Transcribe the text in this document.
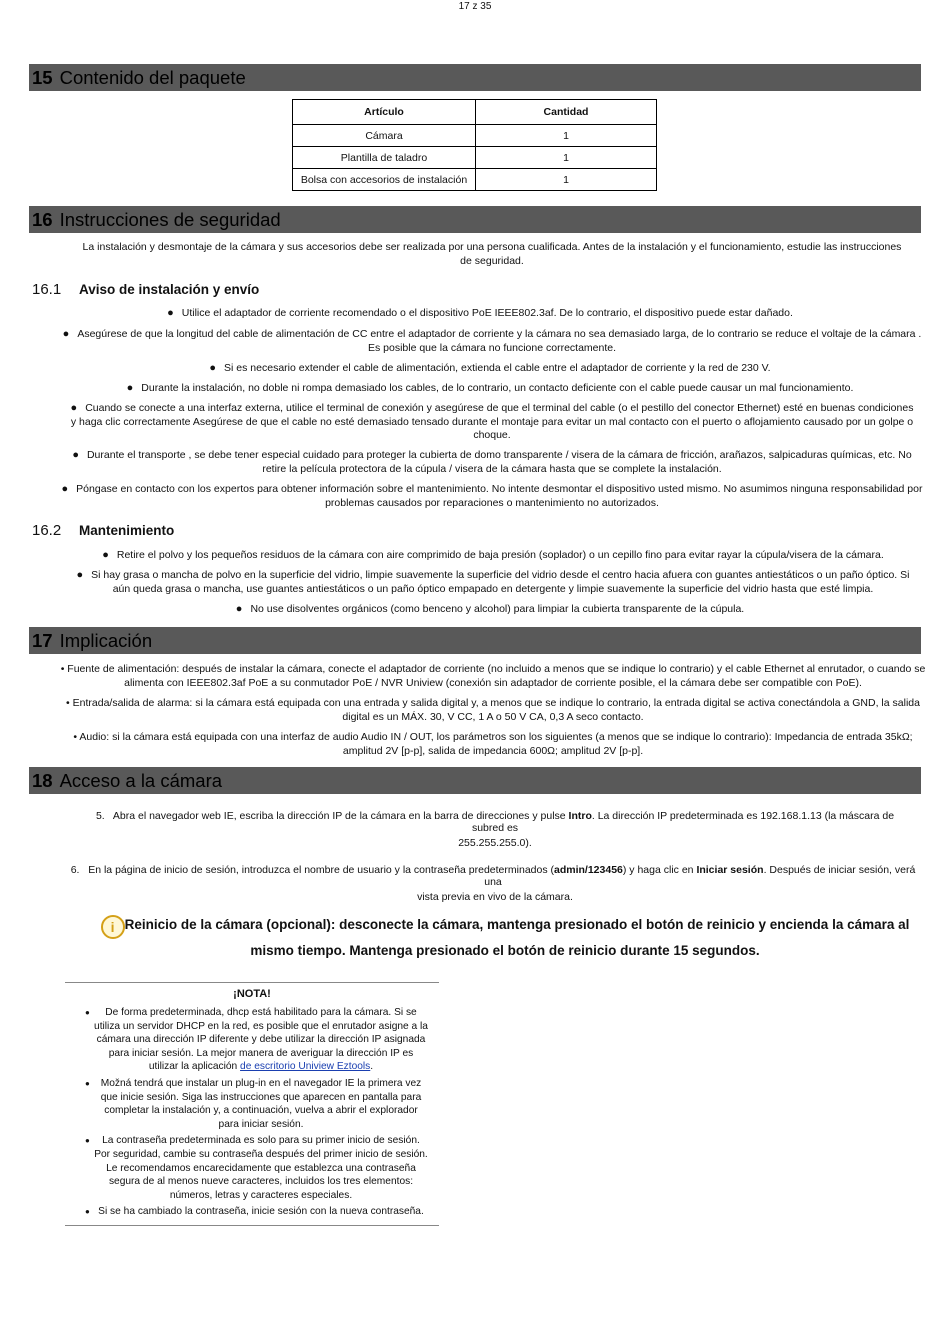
17 z 35
15 Contenido del paquete
Artículo	Cantidad
Cámara	1
Plantilla de taladro	1
Bolsa con accesorios de instalación	1
16 Instrucciones de seguridad
La instalación y desmontaje de la cámara y sus accesorios debe ser realizada por una persona cualificada. Antes de la instalación y el funcionamiento, estudie las instrucciones de seguridad.
16.1 Aviso de instalación y envío
● Utilice el adaptador de corriente recomendado o el dispositivo PoE IEEE802.3af. De lo contrario, el dispositivo puede estar dañado.
● Asegúrese de que la longitud del cable de alimentación de CC entre el adaptador de corriente y la cámara no sea demasiado larga, de lo contrario se reduce el voltaje de la cámara . Es posible que la cámara no funcione correctamente.
● Si es necesario extender el cable de alimentación, extienda el cable entre el adaptador de corriente y la red de 230 V.
● Durante la instalación, no doble ni rompa demasiado los cables, de lo contrario, un contacto deficiente con el cable puede causar un mal funcionamiento.
● Cuando se conecte a una interfaz externa, utilice el terminal de conexión y asegúrese de que el terminal del cable (o el pestillo del conector Ethernet) esté en buenas condiciones y haga clic correctamente Asegúrese de que el cable no esté demasiado tensado durante el montaje para evitar un mal contacto con el puerto o aflojamiento causado por un golpe o choque.
● Durante el transporte , se debe tener especial cuidado para proteger la cubierta de domo transparente / visera de la cámara de fricción, arañazos, salpicaduras químicas, etc. No retire la película protectora de la cúpula / visera de la cámara hasta que se complete la instalación.
● Póngase en contacto con los expertos para obtener información sobre el mantenimiento. No intente desmontar el dispositivo usted mismo. No asumimos ninguna responsabilidad por problemas causados por reparaciones o mantenimiento no autorizados.
16.2 Mantenimiento
● Retire el polvo y los pequeños residuos de la cámara con aire comprimido de baja presión (soplador) o un cepillo fino para evitar rayar la cúpula/visera de la cámara.
● Si hay grasa o mancha de polvo en la superficie del vidrio, limpie suavemente la superficie del vidrio desde el centro hacia afuera con guantes antiestáticos o un paño óptico. Si aún queda grasa o mancha, use guantes antiestáticos o un paño óptico empapado en detergente y limpie suavemente la superficie del vidrio hasta que esté limpia.
● No use disolventes orgánicos (como benceno y alcohol) para limpiar la cubierta transparente de la cúpula.
17 Implicación
• Fuente de alimentación: después de instalar la cámara, conecte el adaptador de corriente (no incluido a menos que se indique lo contrario) y el cable Ethernet al enrutador, o cuando se alimenta con IEEE802.3af PoE a su conmutador PoE / NVR Uniview (conexión sin adaptador de corriente posible, el la cámara debe ser compatible con PoE).
• Entrada/salida de alarma: si la cámara está equipada con una entrada y salida digital y, a menos que se indique lo contrario, la entrada digital se activa conectándola a GND, la salida digital es un MÁX. 30, V CC, 1 A o 50 V CA, 0,3 A seco contacto.
• Audio: si la cámara está equipada con una interfaz de audio Audio IN / OUT, los parámetros son los siguientes (a menos que se indique lo contrario): Impedancia de entrada 35kΩ; amplitud 2V [p-p], salida de impedancia 600Ω; amplitud 2V [p-p].
18 Acceso a la cámara
5. Abra el navegador web IE, escriba la dirección IP de la cámara en la barra de direcciones y pulse Intro. La dirección IP predeterminada es 192.168.1.13 (la máscara de subred es
255.255.255.0).
6. En la página de inicio de sesión, introduzca el nombre de usuario y la contraseña predeterminados (admin/123456) y haga clic en Iniciar sesión. Después de iniciar sesión, verá una
vista previa en vivo de la cámara.
i Reinicio de la cámara (opcional): desconecte la cámara, mantenga presionado el botón de reinicio y encienda la cámara al mismo tiempo. Mantenga presionado el botón de reinicio durante 15 segundos.
¡NOTA!
● De forma predeterminada, dhcp está habilitado para la cámara. Si se utiliza un servidor DHCP en la red, es posible que el enrutador asigne a la cámara una dirección IP diferente y debe utilizar la dirección IP asignada para iniciar sesión. La mejor manera de averiguar la dirección IP es utilizar la aplicación de escritorio Uniview Eztools.
● Možná tendrá que instalar un plug-in en el navegador IE la primera vez que inicie sesión. Siga las instrucciones que aparecen en pantalla para completar la instalación y, a continuación, vuelva a abrir el explorador para iniciar sesión.
● La contraseña predeterminada es solo para su primer inicio de sesión. Por seguridad, cambie su contraseña después del primer inicio de sesión. Le recomendamos encarecidamente que establezca una contraseña segura de al menos nueve caracteres, incluidos los tres elementos: números, letras y caracteres especiales.
● Si se ha cambiado la contraseña, inicie sesión con la nueva contraseña.
